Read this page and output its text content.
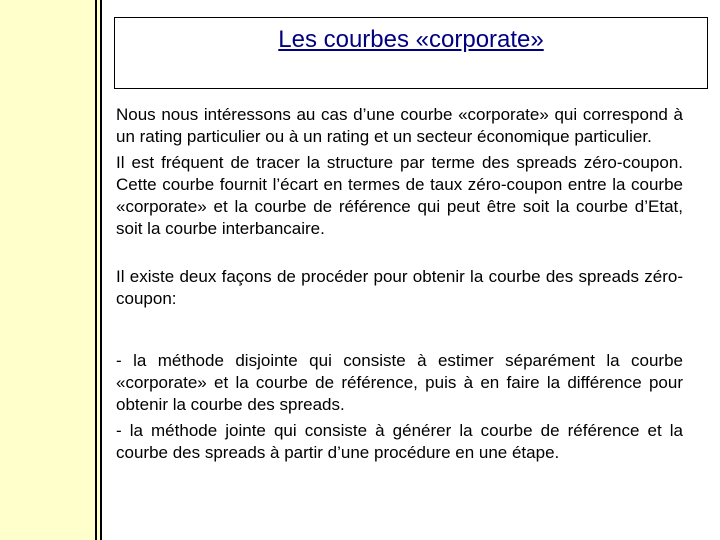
Les courbes «corporate»

Nous nous intéressons au cas d’une courbe «corporate» qui correspond à un rating particulier ou à un rating et un secteur économique particulier.

Il est fréquent de tracer la structure par terme des spreads zéro-coupon. Cette courbe fournit l’écart en termes de taux zéro-coupon entre la courbe «corporate» et la courbe de référence qui peut être soit la courbe d’Etat, soit la courbe interbancaire.

Il existe deux façons de procéder pour obtenir la courbe des spreads zéro-coupon:

- la méthode disjointe qui consiste à estimer séparément la courbe «corporate» et la courbe de référence, puis à en faire la différence pour obtenir la courbe des spreads.

- la méthode jointe qui consiste à générer la courbe de référence et la courbe des spreads à partir d’une procédure en une étape.
